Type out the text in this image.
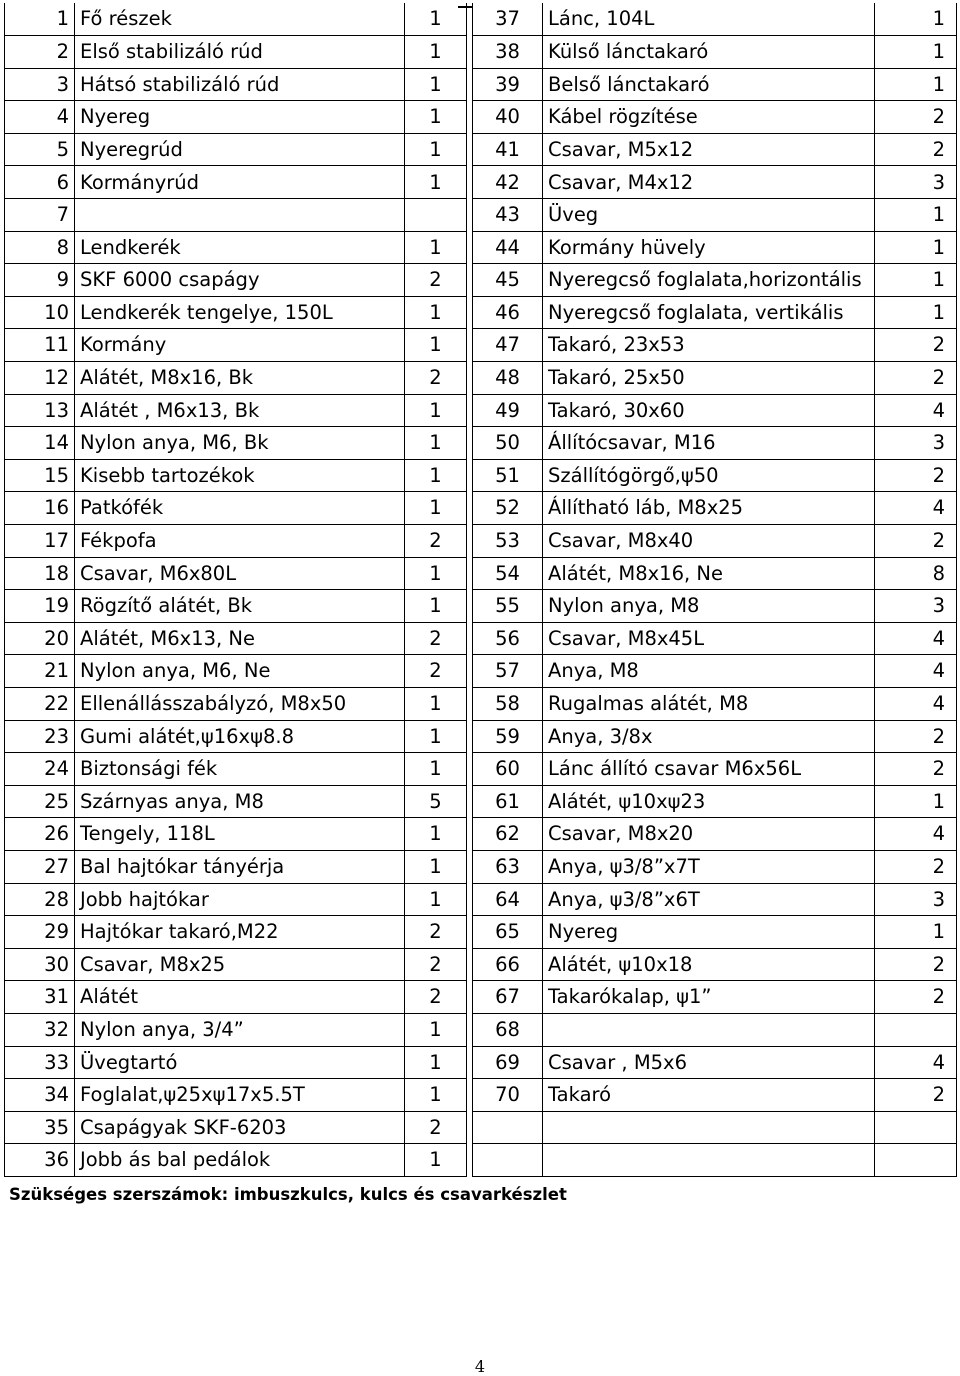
1	Fő részek	1
2	Első stabilizáló rúd	1
3	Hátsó stabilizáló rúd	1
4	Nyereg	1
5	Nyeregrúd	1
6	Kormányrúd	1
7		
8	Lendkerék	1
9	SKF 6000 csapágy	2
10	Lendkerék tengelye, 150L	1
11	Kormány	1
12	Alátét, M8x16, Bk	2
13	Alátét , M6x13, Bk	1
14	Nylon anya, M6, Bk	1
15	Kisebb tartozékok	1
16	Patkófék	1
17	Fékpofa	2
18	Csavar, M6x80L	1
19	Rögzítő alátét, Bk	1
20	Alátét, M6x13, Ne	2
21	Nylon anya, M6, Ne	2
22	Ellenállásszabályzó, M8x50	1
23	Gumi alátét,ψ16xψ8.8	1
24	Biztonsági fék	1
25	Szárnyas anya, M8	5
26	Tengely, 118L	1
27	Bal hajtókar tányérja	1
28	Jobb hajtókar	1
29	Hajtókar takaró,M22	2
30	Csavar, M8x25	2
31	Alátét	2
32	Nylon anya, 3/4”	1
33	Üvegtartó	1
34	Foglalat,ψ25xψ17x5.5T	1
35	Csapágyak SKF-6203	2
36	Jobb ás bal pedálok	1
37	Lánc, 104L	1
38	Külső lánctakaró	1
39	Belső lánctakaró	1
40	Kábel rögzítése	2
41	Csavar, M5x12	2
42	Csavar, M4x12	3
43	Üveg	1
44	Kormány hüvely	1
45	Nyeregcső foglalata,horizontális	1
46	Nyeregcső foglalata, vertikális	1
47	Takaró, 23x53	2
48	Takaró, 25x50	2
49	Takaró, 30x60	4
50	Állítócsavar, M16	3
51	Szállítógörgő,ψ50	2
52	Állítható láb, M8x25	4
53	Csavar, M8x40	2
54	Alátét, M8x16, Ne	8
55	Nylon anya, M8	3
56	Csavar, M8x45L	4
57	Anya, M8	4
58	Rugalmas alátét, M8	4
59	Anya, 3/8x	2
60	Lánc állító csavar M6x56L	2
61	Alátét, ψ10xψ23	1
62	Csavar, M8x20	4
63	Anya, ψ3/8”x7T	2
64	Anya, ψ3/8”x6T	3
65	Nyereg	1
66	Alátét, ψ10x18	2
67	Takarókalap, ψ1”	2
68		
69	Csavar , M5x6	4
70	Takaró	2

Szükséges szerszámok: imbuszkulcs, kulcs és csavarkészlet
4
